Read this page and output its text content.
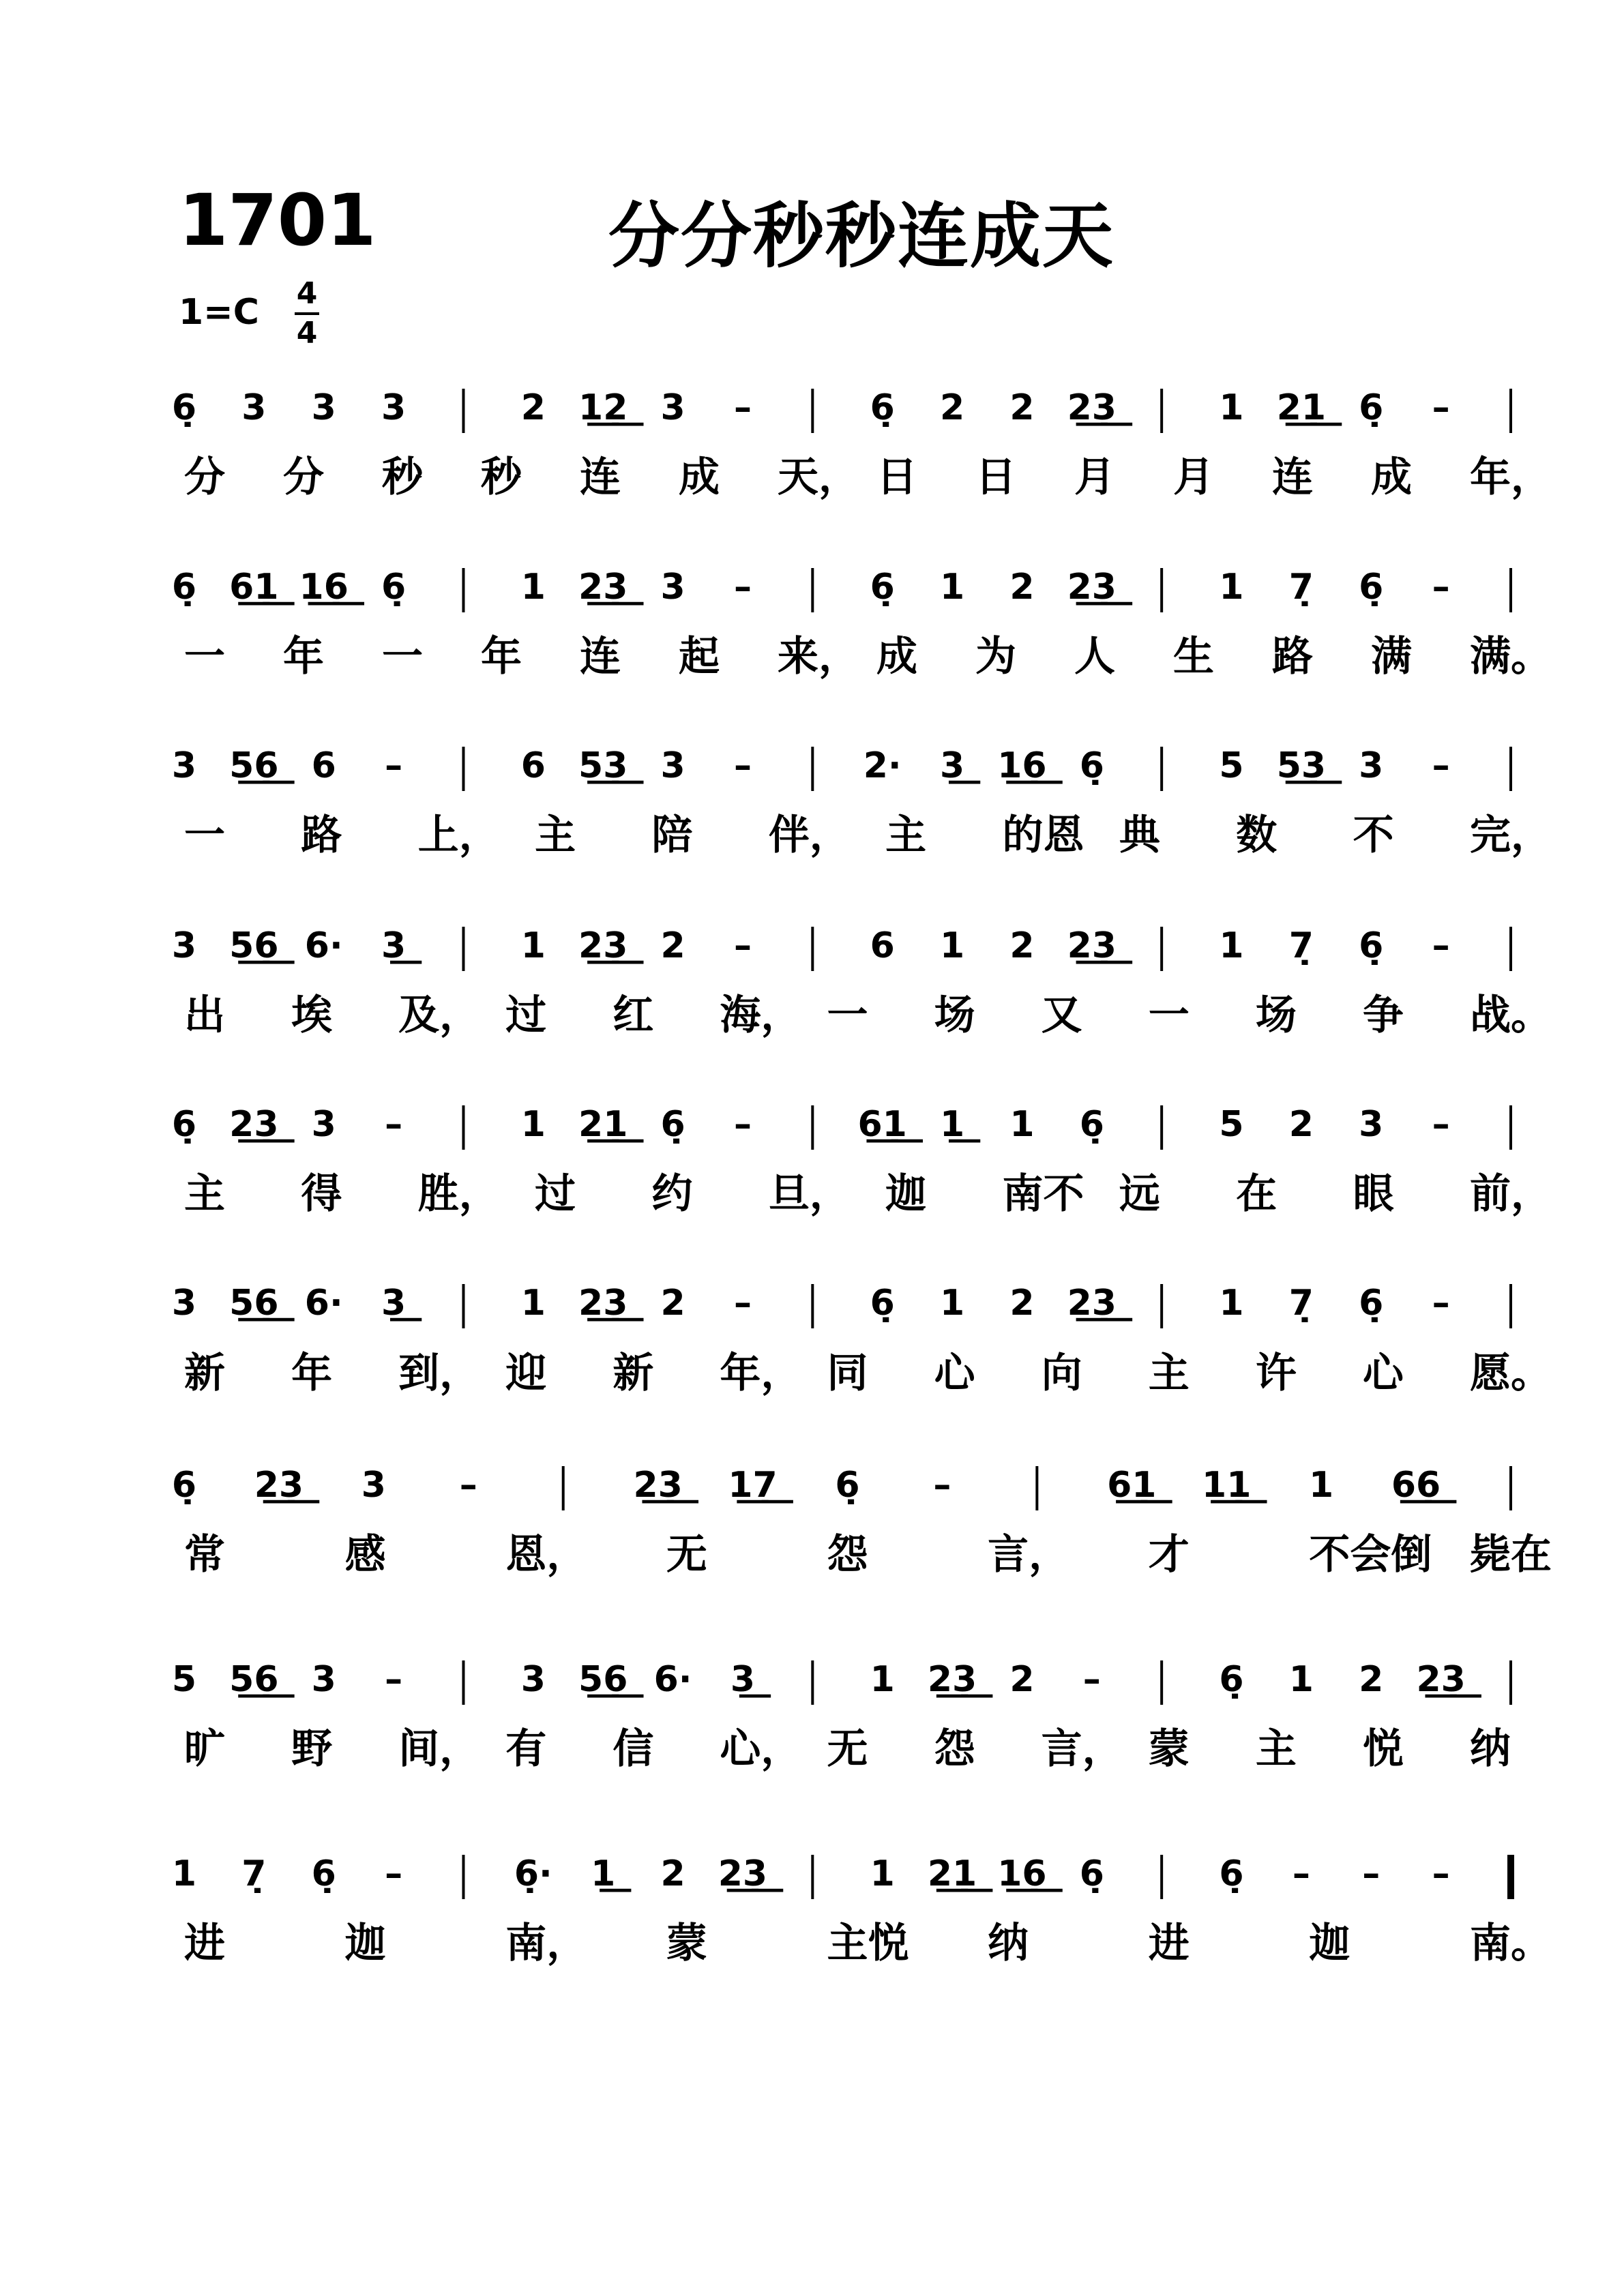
1701	分分秒秒连成天
1=C 4
4
6̣ 3 3 3	2 1͟2͟ 3 –	6̣ 2 2 2͟3͟	1 2͟1͟ 6̣ –
分 分 秒 秒 连 成 天， 日 日 月 月 连 成 年，
6̣ 6͟1͟ 1͟6͟ 6̣	1 2͟3͟ 3 –	6̣ 1 2 2͟3͟	1 7̣ 6̣ –
一 年 一 年 连 起 来， 成 为 人 生 路 满 满。
3 5͟6͟ 6 –	6 5͟3͟ 3 –	2· 3͟ 1͟6͟ 6̣	5 5͟3͟ 3 –
一 路 上， 主 陪 伴， 主 的恩 典 数 不 完，
3 5͟6͟ 6· 3͟	1 2͟3͟ 2 –	6 1 2 2͟3͟	1 7̣ 6̣ –
出 埃 及， 过 红 海， 一 场 又 一 场 争 战。
6̣ 2͟3͟ 3 –	1 2͟1͟ 6̣ –	6͟1͟ 1͟	1 6̣	5 2 3 –
主 得 胜， 过 约 旦， 迦 南不 远 在 眼 前，
3 5͟6͟ 6· 3͟	1 2͟3͟ 2 –	6̣ 1 2 2͟3͟	1 7̣ 6̣ –
新 年 到， 迎 新 年， 同 心 向 主 许 心 愿。
6̣ 2͟3͟	3 –	2͟3͟	1͟7͟	6̣ –	6͟1͟	1͟1͟	1 6͟6͟
常	感	恩， 无	怨	言， 才	不会倒 毙在
5 5͟6͟ 3 –	3 5͟6͟ 6· 3͟	1 2͟3͟ 2 –	6̣ 1 2 2͟3͟
旷 野 间， 有 信 心， 无 怨 言， 蒙 主 悦 纳
1 7̣ 6̣ –	6̣· 1͟	2 2͟3͟	1 2͟1͟ 1͟6͟ 6̣	6̣ – – –
进	迦	南， 蒙	主悦 纳	进	迦	南。
